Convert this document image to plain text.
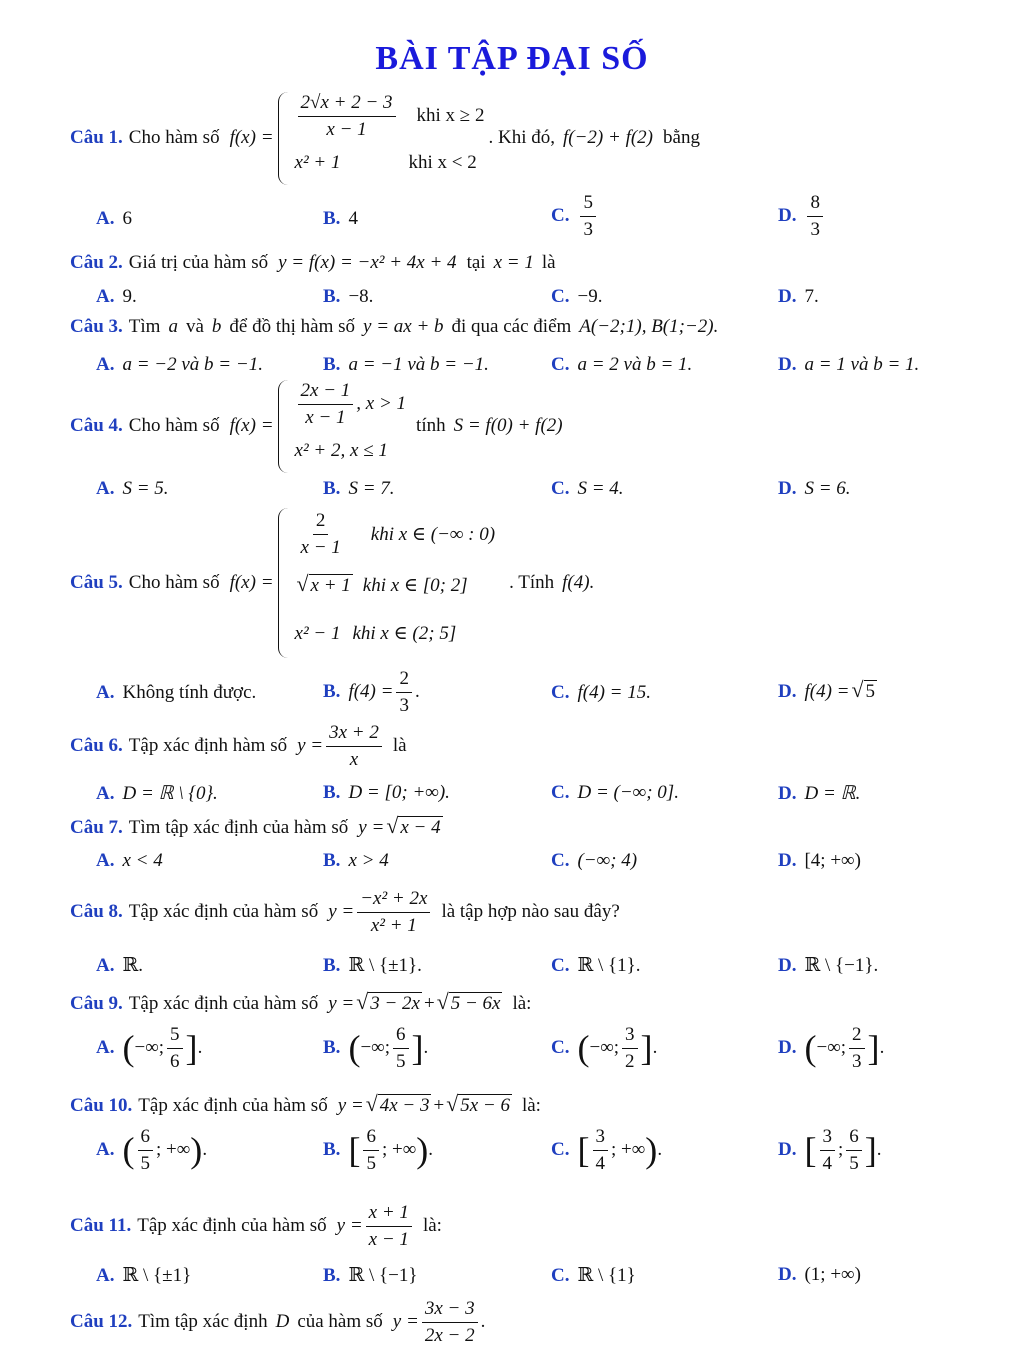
BÀI TẬP ĐẠI SỐ
Câu 1. Cho hàm số $f(x) = \frac{2√x + 2 - 3}{x - 1}$ khi x ≥ 2
x² + 1	khi x < 2
. Khi đó, f(−2) + f(2) bằng
A. 6	B. 4	C. $\frac{5}{3}$	D. $\frac{8}{3}$
Câu 2. Giá trị của hàm số y = f(x) = −x² + 4x + 4 tại x = 1 là
A. 9.	B. −8.	C. −9.	D. 7.
Câu 3. Tìm a và b để đồ thị hàm số y = ax + b đi qua các điểm A(−2;1), B(1;−2).
A. a = −2 và b = −1.	B. a = −1 và b = −1.	C. a = 2 và b = 1.	D. a = 1 và b = 1.
Câu 4. Cho hàm số $f(x) = \frac{2x - 1}{x - 1}$ , x > 1
x² + 2, x ≤ 1
tính S = f(0) + f(2)
A. S = 5.	B. S = 7.	C. S = 4.	D. S = 6.
Câu 5. Cho hàm số f(x) =
$\frac{2}{x - 1}$ khi x ∈ (−∞ : 0)
√ x + 1 khi x ∈ [0; 2]
x² − 1 khi x ∈ (2; 5]
. Tính f(4).
A. Không tính được.	B. $f(4) = \frac{2}{3}$ .	C. f(4) = 15.	D. f(4) = √ 5
Câu 6. Tập xác định hàm số $y = \frac{3x + 2}{x}$ là
A. D = ℝ \ {0}.	B. D = [0; +∞).	C. D = (−∞; 0].	D. D = ℝ.
Câu 7. Tìm tập xác định của hàm số y = √ x − 4
A. x < 4	B. x > 4	C. (−∞; 4)	D. [4; +∞)
Câu 8. Tập xác định của hàm số $y = \frac{\text{−x² + 2x}}{\text{x² + 1}}$ là tập hợp nào sau đây?
A. ℝ.	B. ℝ \ {±1}.	C. ℝ \ {1}.	D. ℝ \ {−1}.
Câu 9. Tập xác định của hàm số y = √ 3 − 2x + √ 5 − 6x là:
A. ( −∞; $\frac{5}{6}$ ] .	B. ( −∞; $\frac{6}{5}$ ] .	C. ( −∞; $\frac{3}{2}$ ] .	D. ( −∞; $\frac{2}{3}$ ] .
Câu 10. Tập xác định của hàm số y = √ 4x − 3 + √ 5x − 6 là:
A. ( $\frac{6}{5}$ ; +∞ ) .	B. [ $\frac{6}{5}$ ; +∞ ) .	C. [ $\frac{3}{4}$ ; +∞ ) .	D. [ $\frac{3}{4}$ ; $\frac{6}{5}$ ] .
Câu 11. Tập xác định của hàm số $y = \frac{x + 1}{x - 1}$ là:
A. ℝ \ {±1}	B. ℝ \ {−1}	C. ℝ \ {1}	D. (1; +∞)
Câu 12. Tìm tập xác định D của hàm số $y = \frac{3x - 3}{2x - 2}$ .
